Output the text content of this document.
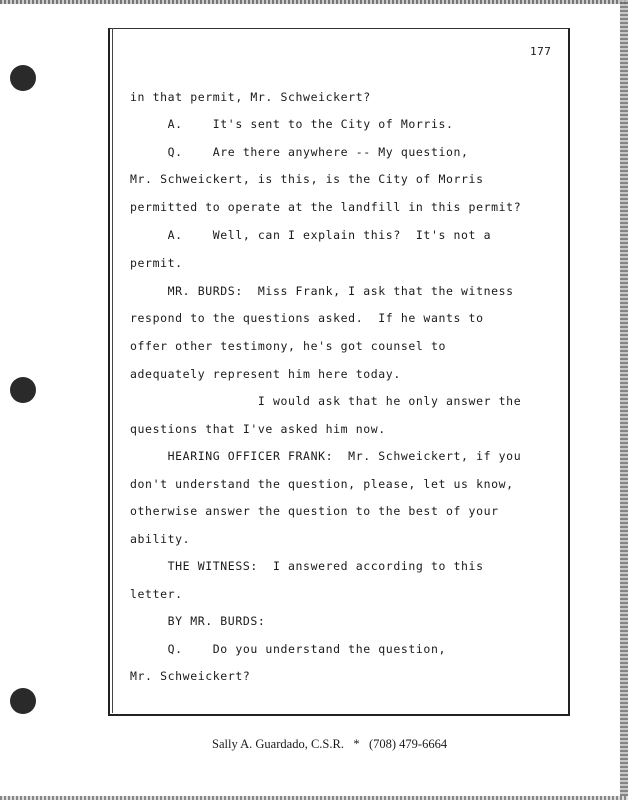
177
in that permit, Mr. Schweickert?
A.    It's sent to the City of Morris.
Q.    Are there anywhere -- My question,
Mr. Schweickert, is this, is the City of Morris
permitted to operate at the landfill in this permit?
A.    Well, can I explain this?  It's not a
permit.
MR. BURDS:  Miss Frank, I ask that the witness
respond to the questions asked.  If he wants to
offer other testimony, he's got counsel to
adequately represent him here today.
I would ask that he only answer the
questions that I've asked him now.
HEARING OFFICER FRANK:  Mr. Schweickert, if you
don't understand the question, please, let us know,
otherwise answer the question to the best of your
ability.
THE WITNESS:  I answered according to this
letter.
BY MR. BURDS:
Q.    Do you understand the question,
Mr. Schweickert?
Sally A. Guardado, C.S.R. * (708) 479-6664
